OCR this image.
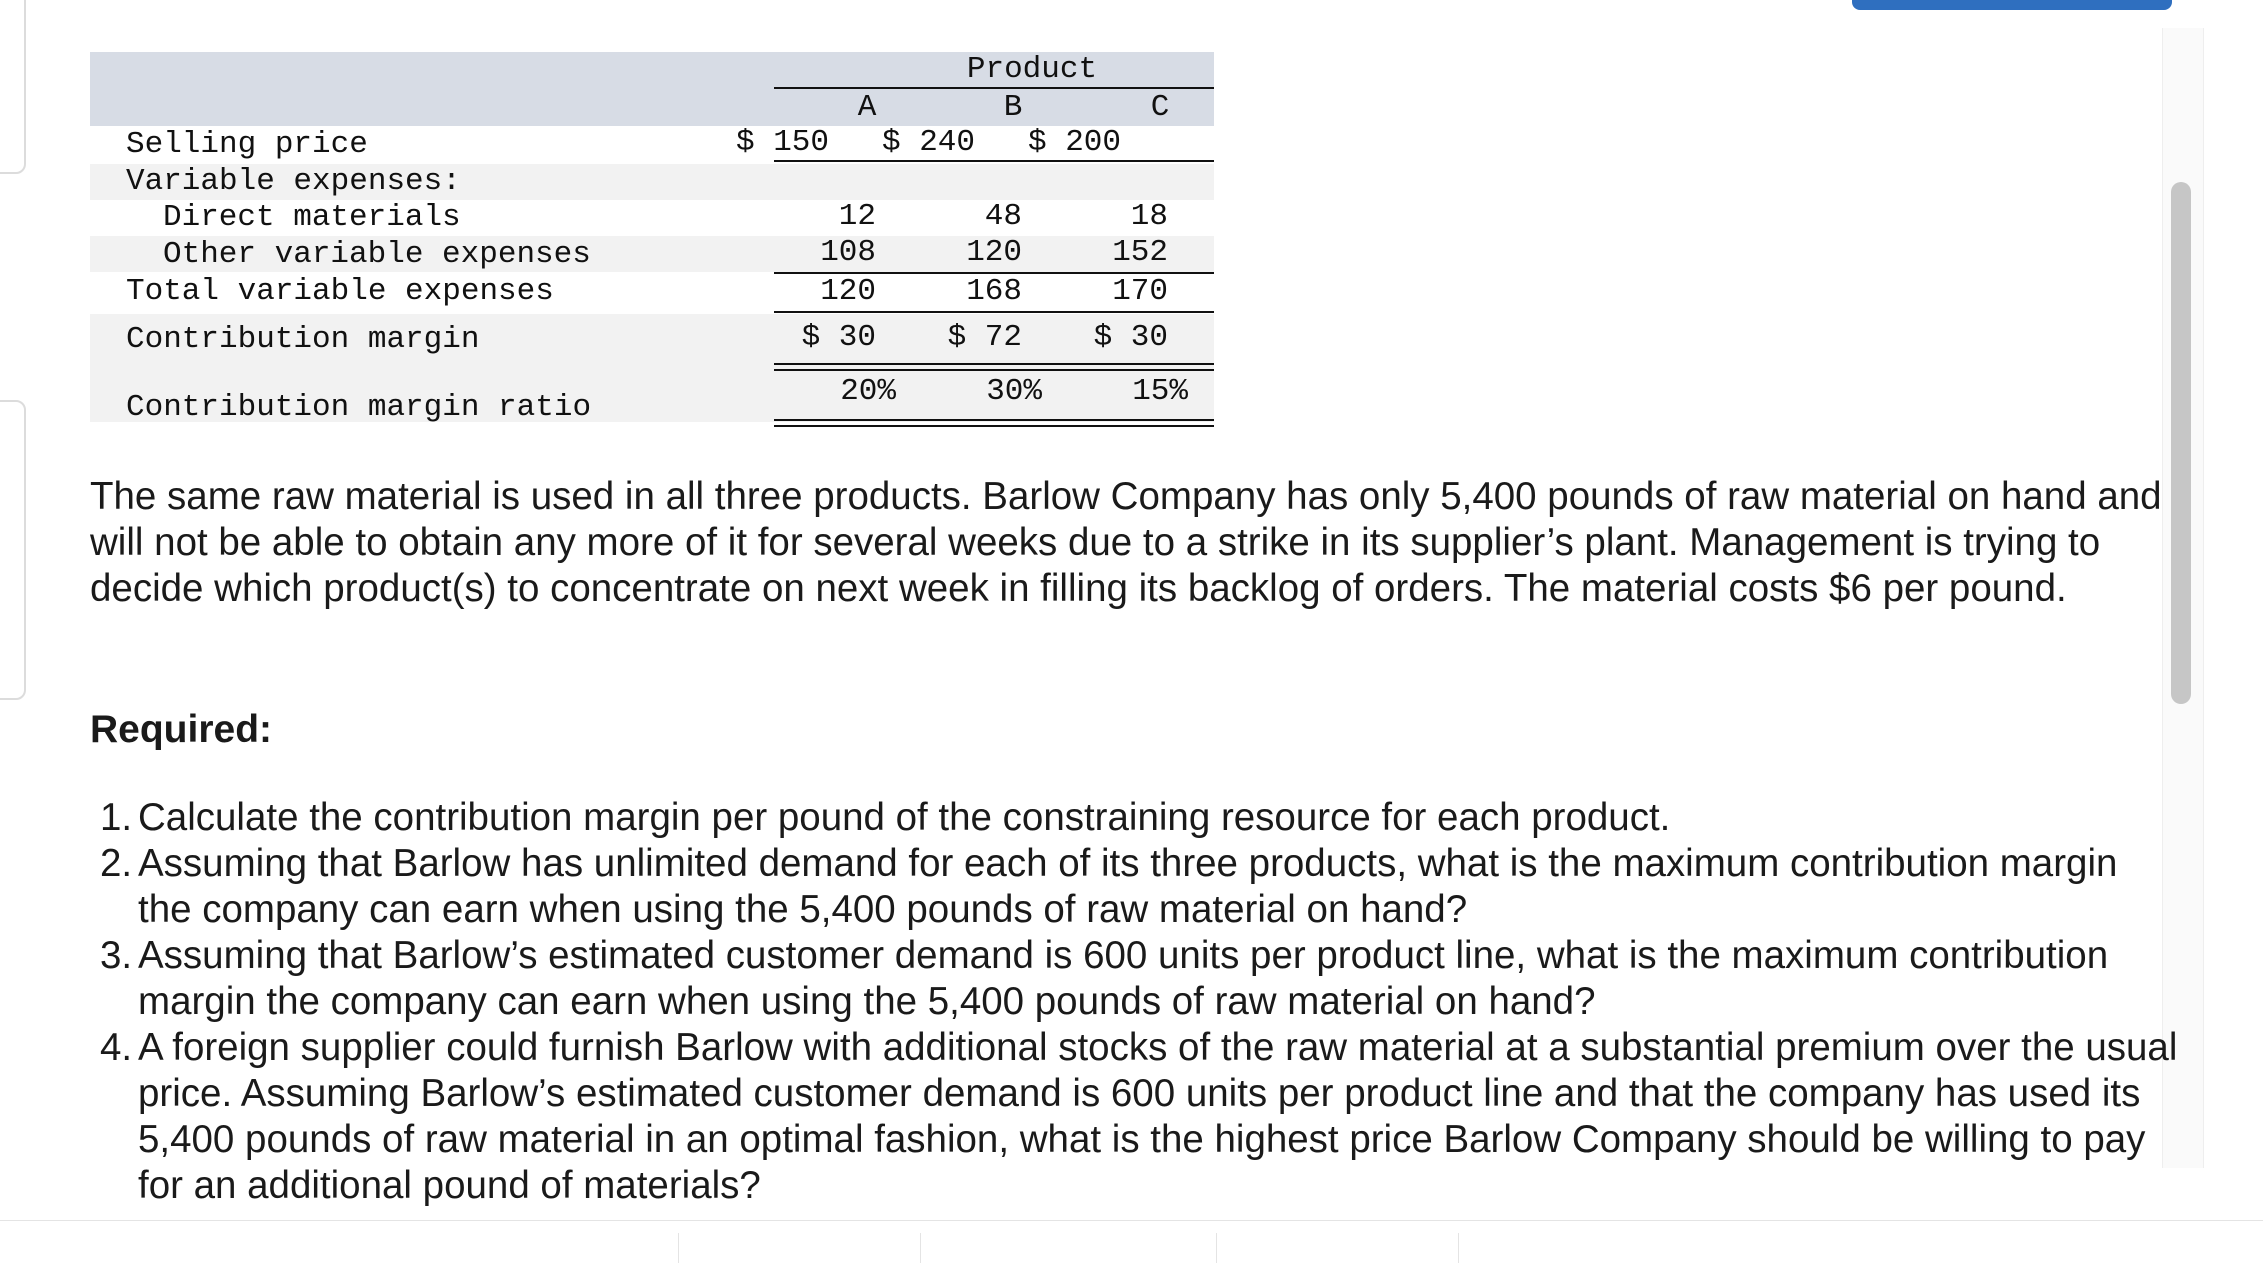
Product
A	B	C
Selling price	$ 150	$ 240	$ 200
Variable expenses:
Direct materials	12	48	18
Other variable expenses	108	120	152
Total variable expenses	120	168	170
Contribution margin	$ 30	$ 72	$ 30
Contribution margin ratio	20%	30%	15%
The same raw material is used in all three products. Barlow Company has only 5,400 pounds of raw material on hand and will not be able to obtain any more of it for several weeks due to a strike in its supplier’s plant. Management is trying to decide which product(s) to concentrate on next week in filling its backlog of orders. The material costs $6 per pound.
Required:
1. Calculate the contribution margin per pound of the constraining resource for each product.
2. Assuming that Barlow has unlimited demand for each of its three products, what is the maximum contribution margin the company can earn when using the 5,400 pounds of raw material on hand?
3. Assuming that Barlow’s estimated customer demand is 600 units per product line, what is the maximum contribution margin the company can earn when using the 5,400 pounds of raw material on hand?
4. A foreign supplier could furnish Barlow with additional stocks of the raw material at a substantial premium over the usual price. Assuming Barlow’s estimated customer demand is 600 units per product line and that the company has used its 5,400 pounds of raw material in an optimal fashion, what is the highest price Barlow Company should be willing to pay for an additional pound of materials?
